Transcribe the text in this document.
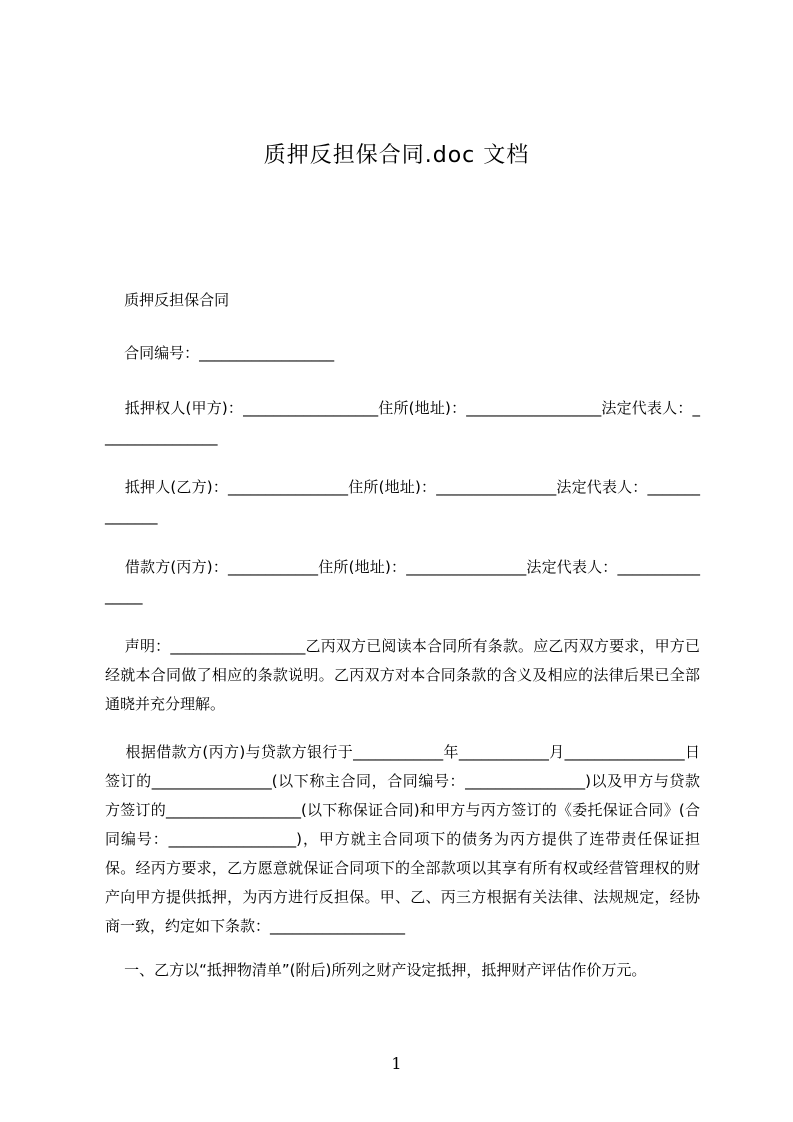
质押反担保合同.doc 文档
质押反担保合同
合同编号：__________________
抵押权人(甲方)：__________________住所(地址)：__________________法定代表人：________________
抵押人(乙方)：________________住所(地址)：________________法定代表人：______________
借款方(丙方)：____________住所(地址)：________________法定代表人：________________
声明：__________________乙丙双方已阅读本合同所有条款。应乙丙双方要求，甲方已经就本合同做了相应的条款说明。乙丙双方对本合同条款的含义及相应的法律后果已全部通晓并充分理解。
根据借款方(丙方)与贷款方银行于____________年____________月________________日签订的________________(以下称主合同，合同编号：________________)以及甲方与贷款方签订的__________________(以下称保证合同)和甲方与丙方签订的《委托保证合同》(合同编号：_________________)，甲方就主合同项下的债务为丙方提供了连带责任保证担保。经丙方要求，乙方愿意就保证合同项下的全部款项以其享有所有权或经营管理权的财产向甲方提供抵押，为丙方进行反担保。甲、乙、丙三方根据有关法律、法规规定，经协商一致，约定如下条款：__________________
一、乙方以“抵押物清单”(附后)所列之财产设定抵押，抵押财产评估作价万元。
1
